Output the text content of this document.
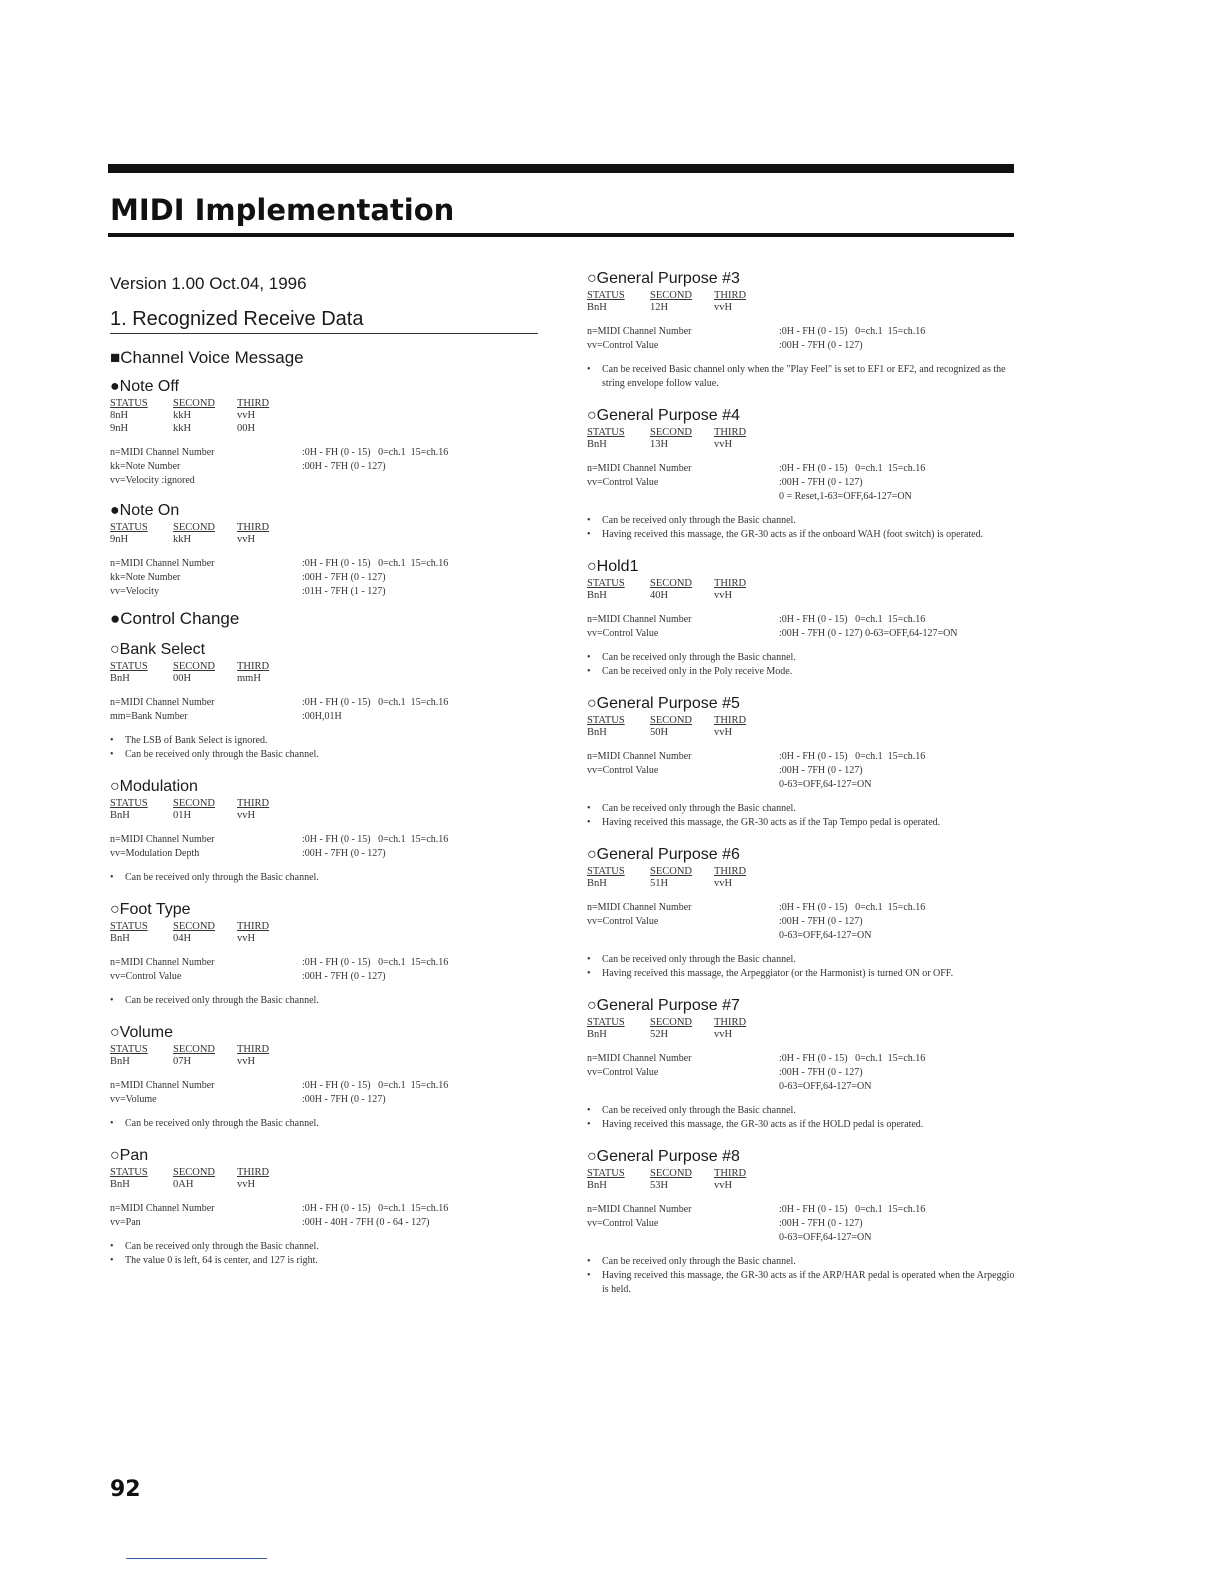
MIDI Implementation
Version 1.00 Oct.04, 1996
1. Recognized Receive Data
■Channel Voice Message
●Note Off
STATUS	SECOND	THIRD
8nH	kkH	vvH
9nH	kkH	00H
n=MIDI Channel Number	:0H - FH (0 - 15)   0=ch.1  15=ch.16
kk=Note Number	:00H - 7FH (0 - 127)
vv=Velocity :ignored
●Note On
STATUS	SECOND	THIRD
9nH	kkH	vvH
n=MIDI Channel Number	:0H - FH (0 - 15)   0=ch.1  15=ch.16
kk=Note Number	:00H - 7FH (0 - 127)
vv=Velocity	:01H - 7FH (1 - 127)
●Control Change
○Bank Select
STATUS	SECOND	THIRD
BnH	00H	mmH
n=MIDI Channel Number	:0H - FH (0 - 15)   0=ch.1  15=ch.16
mm=Bank Number	:00H,01H
•	The LSB of Bank Select is ignored.
•	Can be received only through the Basic channel.
○Modulation
STATUS	SECOND	THIRD
BnH	01H	vvH
n=MIDI Channel Number	:0H - FH (0 - 15)   0=ch.1  15=ch.16
vv=Modulation Depth	:00H - 7FH (0 - 127)
•	Can be received only through the Basic channel.
○Foot Type
STATUS	SECOND	THIRD
BnH	04H	vvH
n=MIDI Channel Number	:0H - FH (0 - 15)   0=ch.1  15=ch.16
vv=Control Value	:00H - 7FH (0 - 127)
•	Can be received only through the Basic channel.
○Volume
STATUS	SECOND	THIRD
BnH	07H	vvH
n=MIDI Channel Number	:0H - FH (0 - 15)   0=ch.1  15=ch.16
vv=Volume	:00H - 7FH (0 - 127)
•	Can be received only through the Basic channel.
○Pan
STATUS	SECOND	THIRD
BnH	0AH	vvH
n=MIDI Channel Number	:0H - FH (0 - 15)   0=ch.1  15=ch.16
vv=Pan	:00H - 40H - 7FH (0 - 64 - 127)
•	Can be received only through the Basic channel.
•	The value 0 is left, 64 is center, and 127 is right.
○General Purpose #3
STATUS	SECOND	THIRD
BnH	12H	vvH
n=MIDI Channel Number	:0H - FH (0 - 15)   0=ch.1  15=ch.16
vv=Control Value	:00H - 7FH (0 - 127)
•	Can be received Basic channel only when the "Play Feel" is set to EF1 or EF2, and recognized as the string envelope follow value.
○General Purpose #4
STATUS	SECOND	THIRD
BnH	13H	vvH
n=MIDI Channel Number	:0H - FH (0 - 15)   0=ch.1  15=ch.16
vv=Control Value	:00H - 7FH (0 - 127)
0 = Reset,1-63=OFF,64-127=ON
•	Can be received only through the Basic channel.
•	Having received this massage, the GR-30 acts as if the onboard WAH (foot switch) is operated.
○Hold1
STATUS	SECOND	THIRD
BnH	40H	vvH
n=MIDI Channel Number	:0H - FH (0 - 15)   0=ch.1  15=ch.16
vv=Control Value	:00H - 7FH (0 - 127) 0-63=OFF,64-127=ON
•	Can be received only through the Basic channel.
•	Can be received only in the Poly receive Mode.
○General Purpose #5
STATUS	SECOND	THIRD
BnH	50H	vvH
n=MIDI Channel Number	:0H - FH (0 - 15)   0=ch.1  15=ch.16
vv=Control Value	:00H - 7FH (0 - 127)
0-63=OFF,64-127=ON
•	Can be received only through the Basic channel.
•	Having received this massage, the GR-30 acts as if the Tap Tempo pedal is operated.
○General Purpose #6
STATUS	SECOND	THIRD
BnH	51H	vvH
n=MIDI Channel Number	:0H - FH (0 - 15)   0=ch.1  15=ch.16
vv=Control Value	:00H - 7FH (0 - 127)
0-63=OFF,64-127=ON
•	Can be received only through the Basic channel.
•	Having received this massage, the Arpeggiator (or the Harmonist) is turned ON or OFF.
○General Purpose #7
STATUS	SECOND	THIRD
BnH	52H	vvH
n=MIDI Channel Number	:0H - FH (0 - 15)   0=ch.1  15=ch.16
vv=Control Value	:00H - 7FH (0 - 127)
0-63=OFF,64-127=ON
•	Can be received only through the Basic channel.
•	Having received this massage, the GR-30 acts as if the HOLD pedal is operated.
○General Purpose #8
STATUS	SECOND	THIRD
BnH	53H	vvH
n=MIDI Channel Number	:0H - FH (0 - 15)   0=ch.1  15=ch.16
vv=Control Value	:00H - 7FH (0 - 127)
0-63=OFF,64-127=ON
•	Can be received only through the Basic channel.
•	Having received this massage, the GR-30 acts as if the ARP/HAR pedal is operated when the Arpeggio is held.
92
